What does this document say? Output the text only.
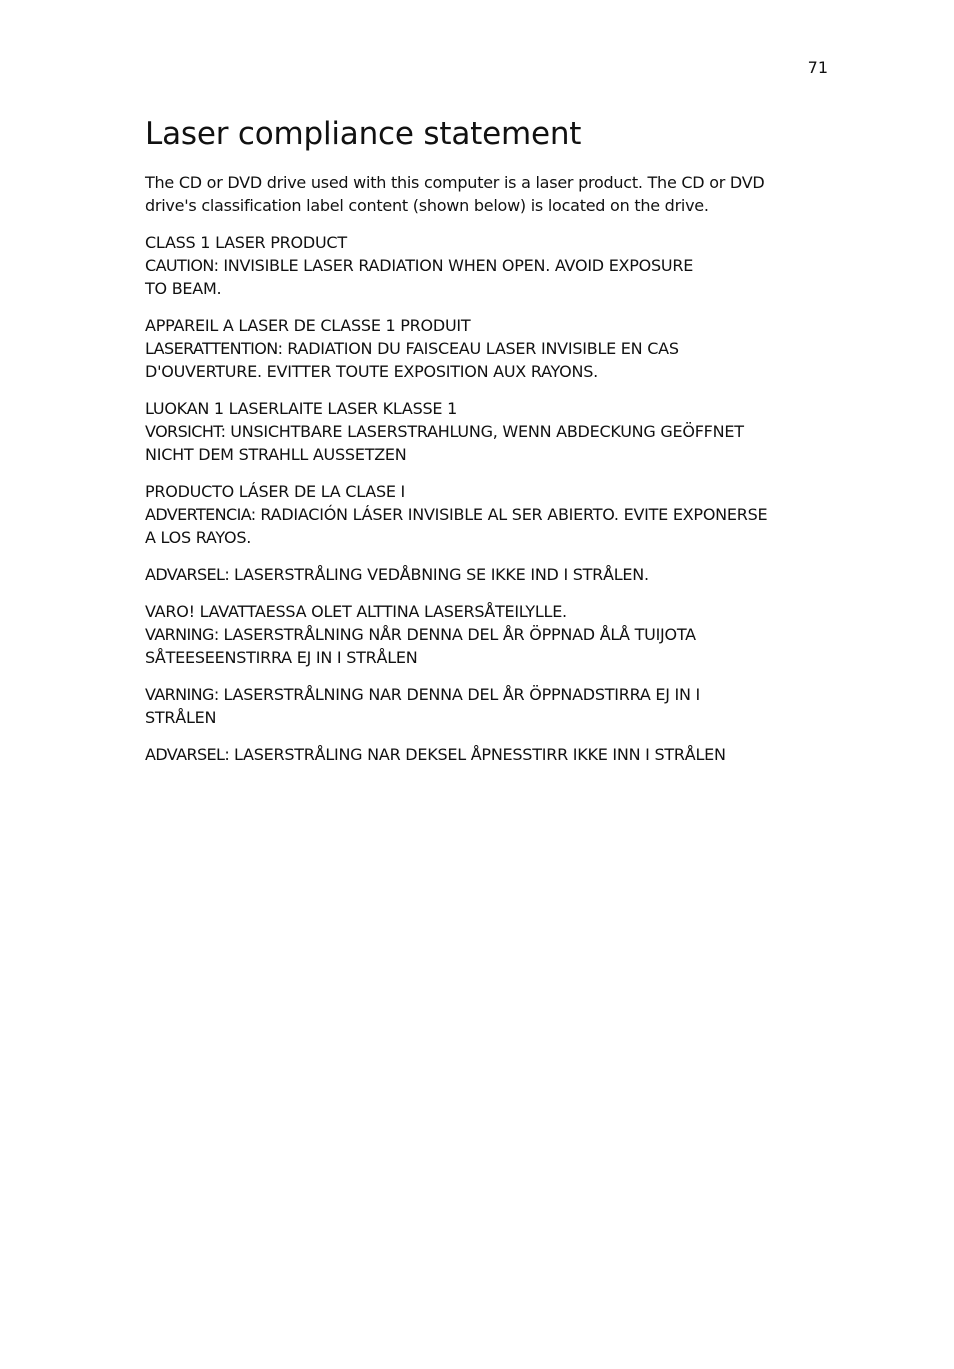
71
Laser compliance statement

The CD or DVD drive used with this computer is a laser product. The CD or DVD
drive's classification label content (shown below) is located on the drive.

CLASS 1 LASER PRODUCT
CAUTION: INVISIBLE LASER RADIATION WHEN OPEN. AVOID EXPOSURE
TO BEAM.

APPAREIL A LASER DE CLASSE 1 PRODUIT
LASERATTENTION: RADIATION DU FAISCEAU LASER INVISIBLE EN CAS
D'OUVERTURE. EVITTER TOUTE EXPOSITION AUX RAYONS.

LUOKAN 1 LASERLAITE LASER KLASSE 1
VORSICHT: UNSICHTBARE LASERSTRAHLUNG, WENN ABDECKUNG GEÖFFNET
NICHT DEM STRAHLL AUSSETZEN

PRODUCTO LÁSER DE LA CLASE I
ADVERTENCIA: RADIACIÓN LÁSER INVISIBLE AL SER ABIERTO. EVITE EXPONERSE
A LOS RAYOS.

ADVARSEL: LASERSTRÅLING VEDÅBNING SE IKKE IND I STRÅLEN.

VARO! LAVATTAESSA OLET ALTTINA LASERSÅTEILYLLE.
VARNING: LASERSTRÅLNING NÅR DENNA DEL ÅR ÖPPNAD ÅLÅ TUIJOTA
SÅTEESEENSTIRRA EJ IN I STRÅLEN

VARNING: LASERSTRÅLNING NAR DENNA DEL ÅR ÖPPNADSTIRRA EJ IN I
STRÅLEN

ADVARSEL: LASERSTRÅLING NAR DEKSEL ÅPNESSTIRR IKKE INN I STRÅLEN
